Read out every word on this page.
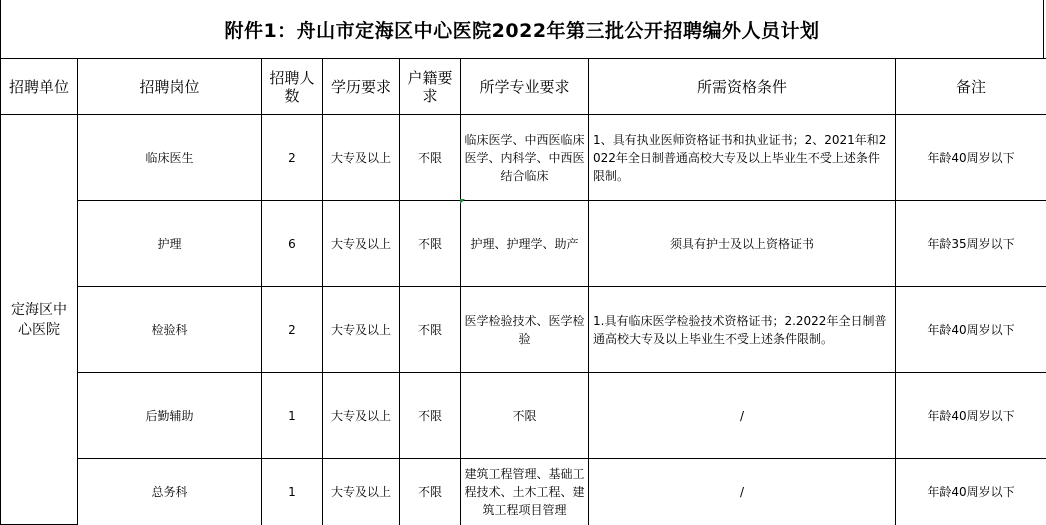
附件1：舟山市定海区中心医院2022年第三批公开招聘编外人员计划
招聘单位	招聘岗位	招聘人数	学历要求	户籍要求	所学专业要求	所需资格条件	备注
定海区中心医院	临床医生	2	大专及以上	不限	临床医学、中西医临床医学、内科学、中西医结合临床	1、具有执业医师资格证书和执业证书；2、2021年和2022年全日制普通高校大专及以上毕业生不受上述条件限制。	年龄40周岁以下
	护理	6	大专及以上	不限	护理、护理学、助产	须具有护士及以上资格证书	年龄35周岁以下
	检验科	2	大专及以上	不限	医学检验技术、医学检验	1.具有临床医学检验技术资格证书；2.2022年全日制普通高校大专及以上毕业生不受上述条件限制。	年龄40周岁以下
	后勤辅助	1	大专及以上	不限	不限	/	年龄40周岁以下
	总务科	1	大专及以上	不限	建筑工程管理、基础工程技术、土木工程、建筑工程项目管理	/	年龄40周岁以下
